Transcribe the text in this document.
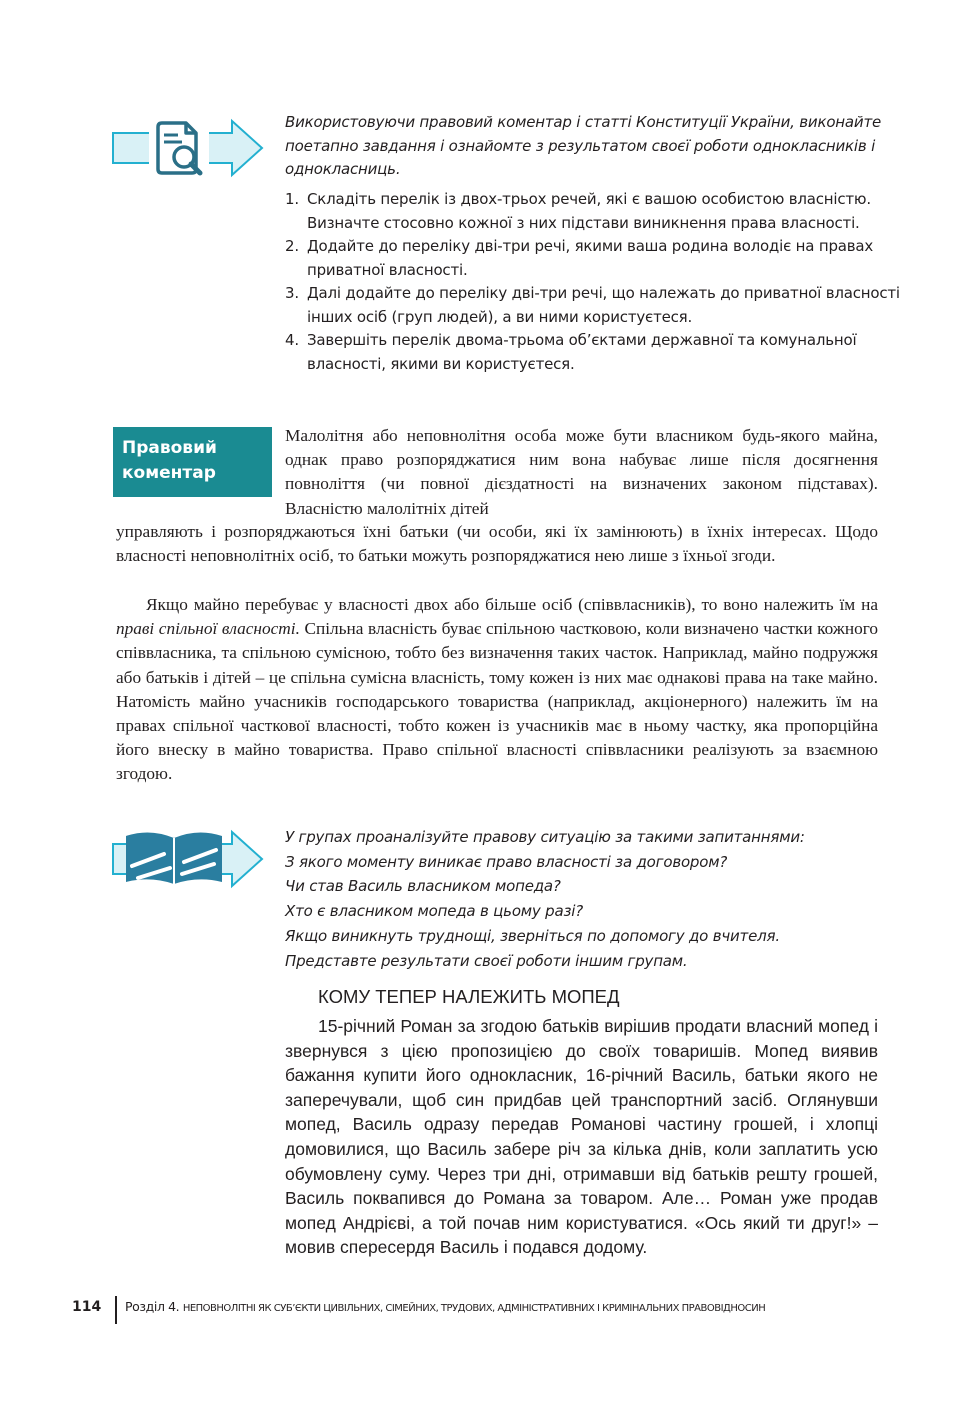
Використовуючи правовий коментар і статті Конституції України, виконайте поетапно завдання і ознайомте з результатом своєї роботи однокласників і однокласниць.
1. Складіть перелік із двох-трьох речей, які є вашою особистою власністю. Визначте стосовно кожної з них підстави виникнення права власності.
2. Додайте до переліку дві-три речі, якими ваша родина володіє на правах приватної власності.
3. Далі додайте до переліку дві-три речі, що належать до приватної власності інших осіб (груп людей), а ви ними користуєтеся.
4. Завершіть перелік двома-трьома об’єктами державної та комунальної власності, якими ви користуєтеся.
Правовий
коментар
Малолітня або неповнолітня особа може бути власником будь-якого майна, однак право розпоряджатися ним вона набуває лише після досягнення повноліття (чи повної дієздатності на визначених законом підставах). Власністю малолітніх дітей
управляють і розпоряджаються їхні батьки (чи особи, які їх замінюють) в їхніх інтересах. Щодо власності неповнолітніх осіб, то батьки можуть розпоряджатися нею лише з їхньої згоди.
Якщо майно перебуває у власності двох або більше осіб (співвласників), то воно належить їм на праві спільної власності. Спільна власність буває спільною частковою, коли визначено частки кожного співвласника, та спільною сумісною, тобто без визначення таких часток. Наприклад, майно подружжя або батьків і дітей – це спільна сумісна власність, тому кожен із них має однакові права на таке майно. Натомість майно учасників господарського товариства (наприклад, акціонерного) належить їм на правах спільної часткової власності, тобто кожен із учасників має в ньому частку, яка пропорційна його внеску в майно товариства. Право спільної власності співвласники реалізують за взаємною згодою.
У групах проаналізуйте правову ситуацію за такими запитаннями:
З якого моменту виникає право власності за договором?
Чи став Василь власником мопеда?
Хто є власником мопеда в цьому разі?
Якщо виникнуть труднощі, зверніться по допомогу до вчителя.
Представте результати своєї роботи іншим групам.
КОМУ ТЕПЕР НАЛЕЖИТЬ МОПЕД
15-річний Роман за згодою батьків вирішив продати власний мопед і звернувся з цією пропозицією до своїх товаришів. Мопед виявив бажання купити його однокласник, 16-річний Василь, батьки якого не заперечували, щоб син придбав цей транспортний засіб. Оглянувши мопед, Василь одразу передав Романові частину грошей, і хлопці домовилися, що Василь забере річ за кілька днів, коли заплатить усю обумовлену суму. Через три дні, отримавши від батьків решту грошей, Василь поквапився до Романа за товаром. Але… Роман уже продав мопед Андрієві, а той почав ним користуватися. «Ось який ти друг!» – мовив спересердя Василь і подався додому.
114 Розділ 4. НЕПОВНОЛІТНІ ЯК СУБ’ЄКТИ ЦИВІЛЬНИХ, СІМЕЙНИХ, ТРУДОВИХ, АДМІНІСТРАТИВНИХ І КРИМІНАЛЬНИХ ПРАВОВІДНОСИН
